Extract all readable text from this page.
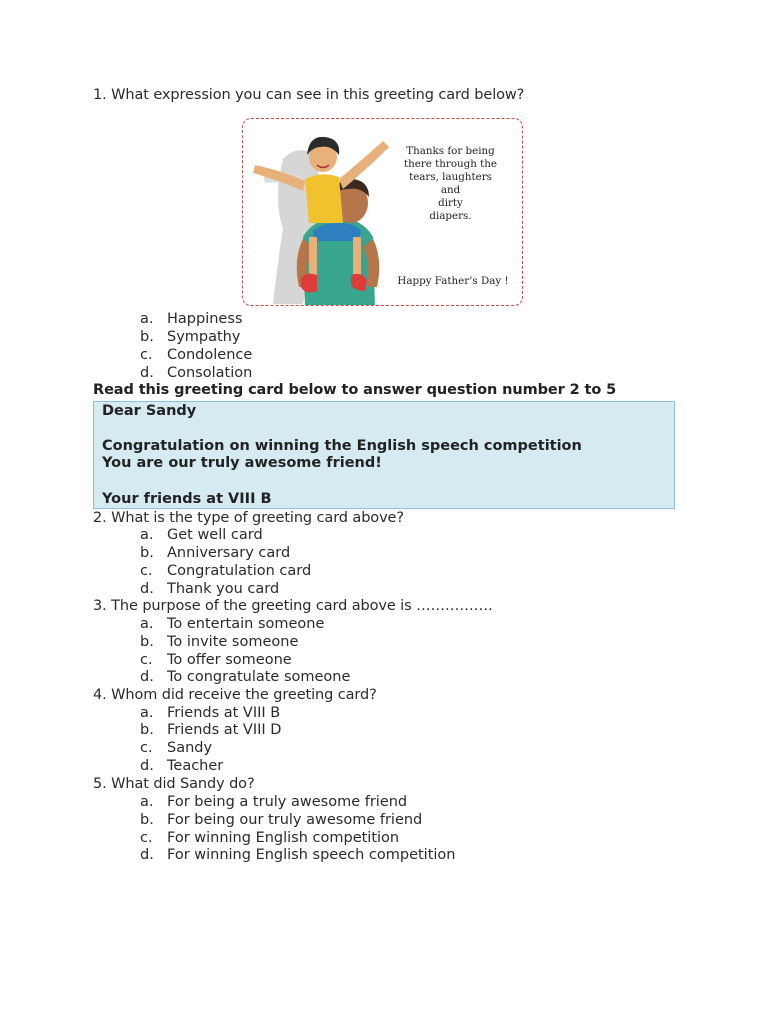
1. What expression you can see in this greeting card below?
Thanks for being
there through the
tears, laughters and
dirty
diapers.
Happy Father’s Day !
a. Happiness
b. Sympathy
c. Condolence
d. Consolation
Read this greeting card below to answer question number 2 to 5
Dear Sandy
Congratulation on winning the English speech competition
You are our truly awesome friend!
Your friends at VIII B
2. What is the type of greeting card above?
a. Get well card
b. Anniversary card
c. Congratulation card
d. Thank you card
3. The purpose of the greeting card above is …………….
a. To entertain someone
b. To invite someone
c. To offer someone
d. To congratulate someone
4. Whom did receive the greeting card?
a. Friends at VIII B
b. Friends at VIII D
c. Sandy
d. Teacher
5. What did Sandy do?
a. For being a truly awesome friend
b. For being our truly awesome friend
c. For winning English competition
d. For winning English speech competition
